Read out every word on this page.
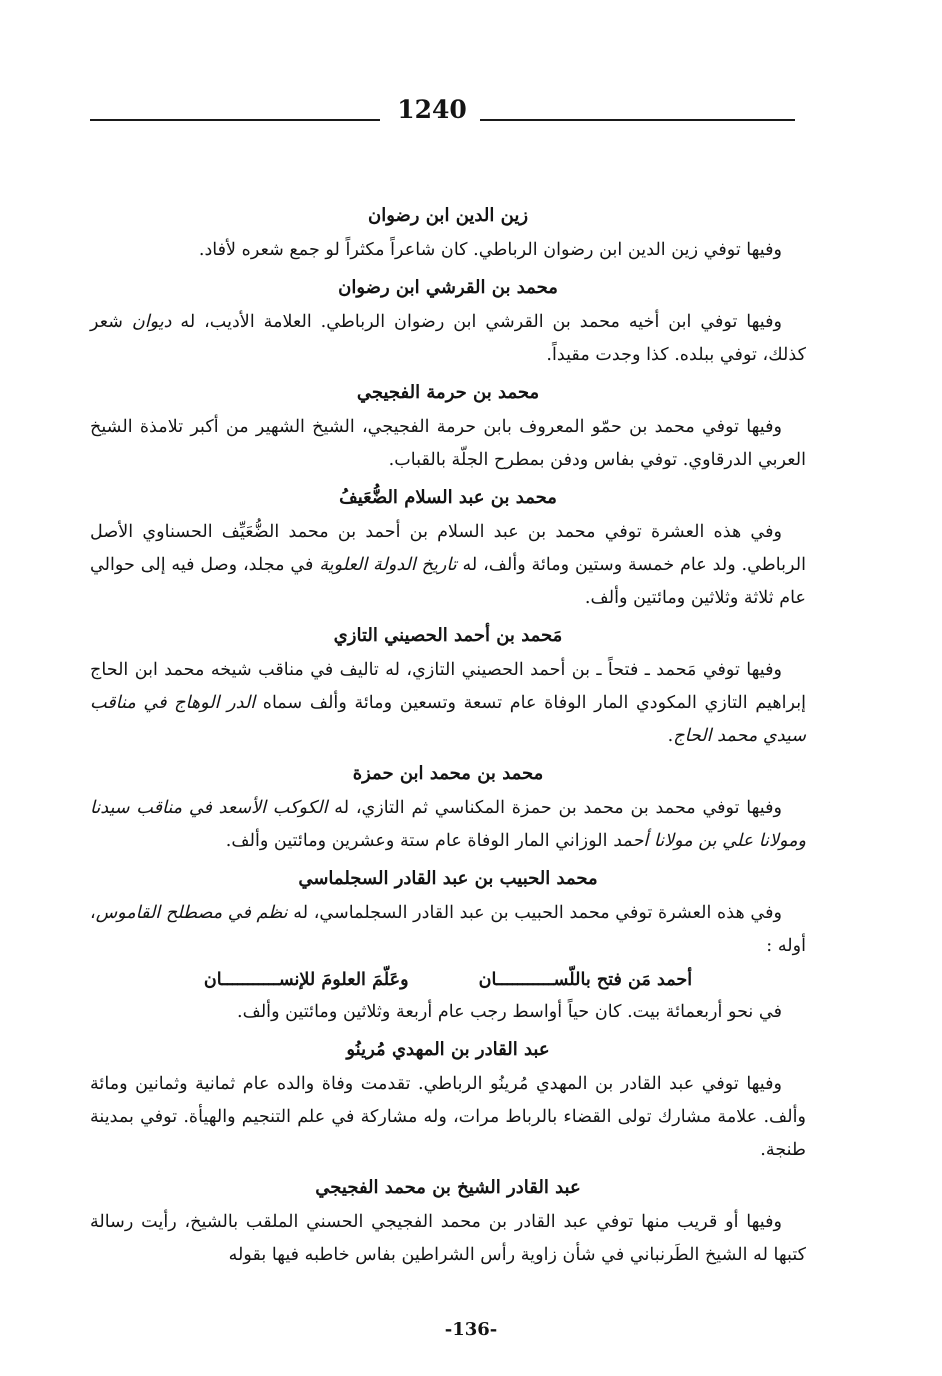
1240
زين الدين ابن رضوان

وفيها توفي زين الدين ابن رضوان الرباطي. كان شاعراً مكثراً لو جمع شعره لأفاد.

محمد بن القرشي ابن رضوان

وفيها توفي ابن أخيه محمد بن القرشي ابن رضوان الرباطي. العلامة الأديب، له ديوان شعر كذلك، توفي ببلده. كذا وجدت مقيداً.

محمد بن حرمة الفجيجي

وفيها توفي محمد بن حمّو المعروف بابن حرمة الفجيجي، الشيخ الشهير من أكبر تلامذة الشيخ العربي الدرقاوي. توفي بفاس ودفن بمطرح الجلّة بالقباب.

محمد بن عبد السلام الضُّعَيفُ

وفي هذه العشرة توفي محمد بن عبد السلام بن أحمد بن محمد الضُّعَيِّف الحسناوي الأصل الرباطي. ولد عام خمسة وستين ومائة وألف، له تاريخ الدولة العلوية في مجلد، وصل فيه إلى حوالي عام ثلاثة وثلاثين ومائتين وألف.

مَحمد بن أحمد الحصيني التازي

وفيها توفي مَحمد ـ فتحاً ـ بن أحمد الحصيني التازي، له تاليف في مناقب شيخه محمد ابن الحاج إبراهيم التازي المكودي المار الوفاة عام تسعة وتسعين ومائة وألف سماه الدر الوهاج في مناقب سيدي محمد الحاج.

محمد بن محمد ابن حمزة

وفيها توفي محمد بن محمد بن حمزة المكناسي ثم التازي، له الكوكب الأسعد في مناقب سيدنا ومولانا علي بن مولانا أحمد الوزاني المار الوفاة عام ستة وعشرين ومائتين وألف.

محمد الحبيب بن عبد القادر السجلماسي

وفي هذه العشرة توفي محمد الحبيب بن عبد القادر السجلماسي، له نظم في مصطلح القاموس، أوله :

أحمد مَن فتح باللّســـــــــــان
وعَلّمَ العلومَ للإنســـــــــــان

في نحو أربعمائة بيت. كان حياً أواسط رجب عام أربعة وثلاثين ومائتين وألف.

عبد القادر بن المهدي مُرينُو

وفيها توفي عبد القادر بن المهدي مُرينُو الرباطي. تقدمت وفاة والده عام ثمانية وثمانين ومائة وألف. علامة مشارك تولى القضاء بالرباط مرات، وله مشاركة في علم التنجيم والهيأة. توفي بمدينة طنجة.

عبد القادر الشيخ بن محمد الفجيجي

وفيها أو قريب منها توفي عبد القادر بن محمد الفجيجي الحسني الملقب بالشيخ، رأيت رسالة كتبها له الشيخ الطَرنباني في شأن زاوية رأس الشراطين بفاس خاطبه فيها بقوله

-136-
